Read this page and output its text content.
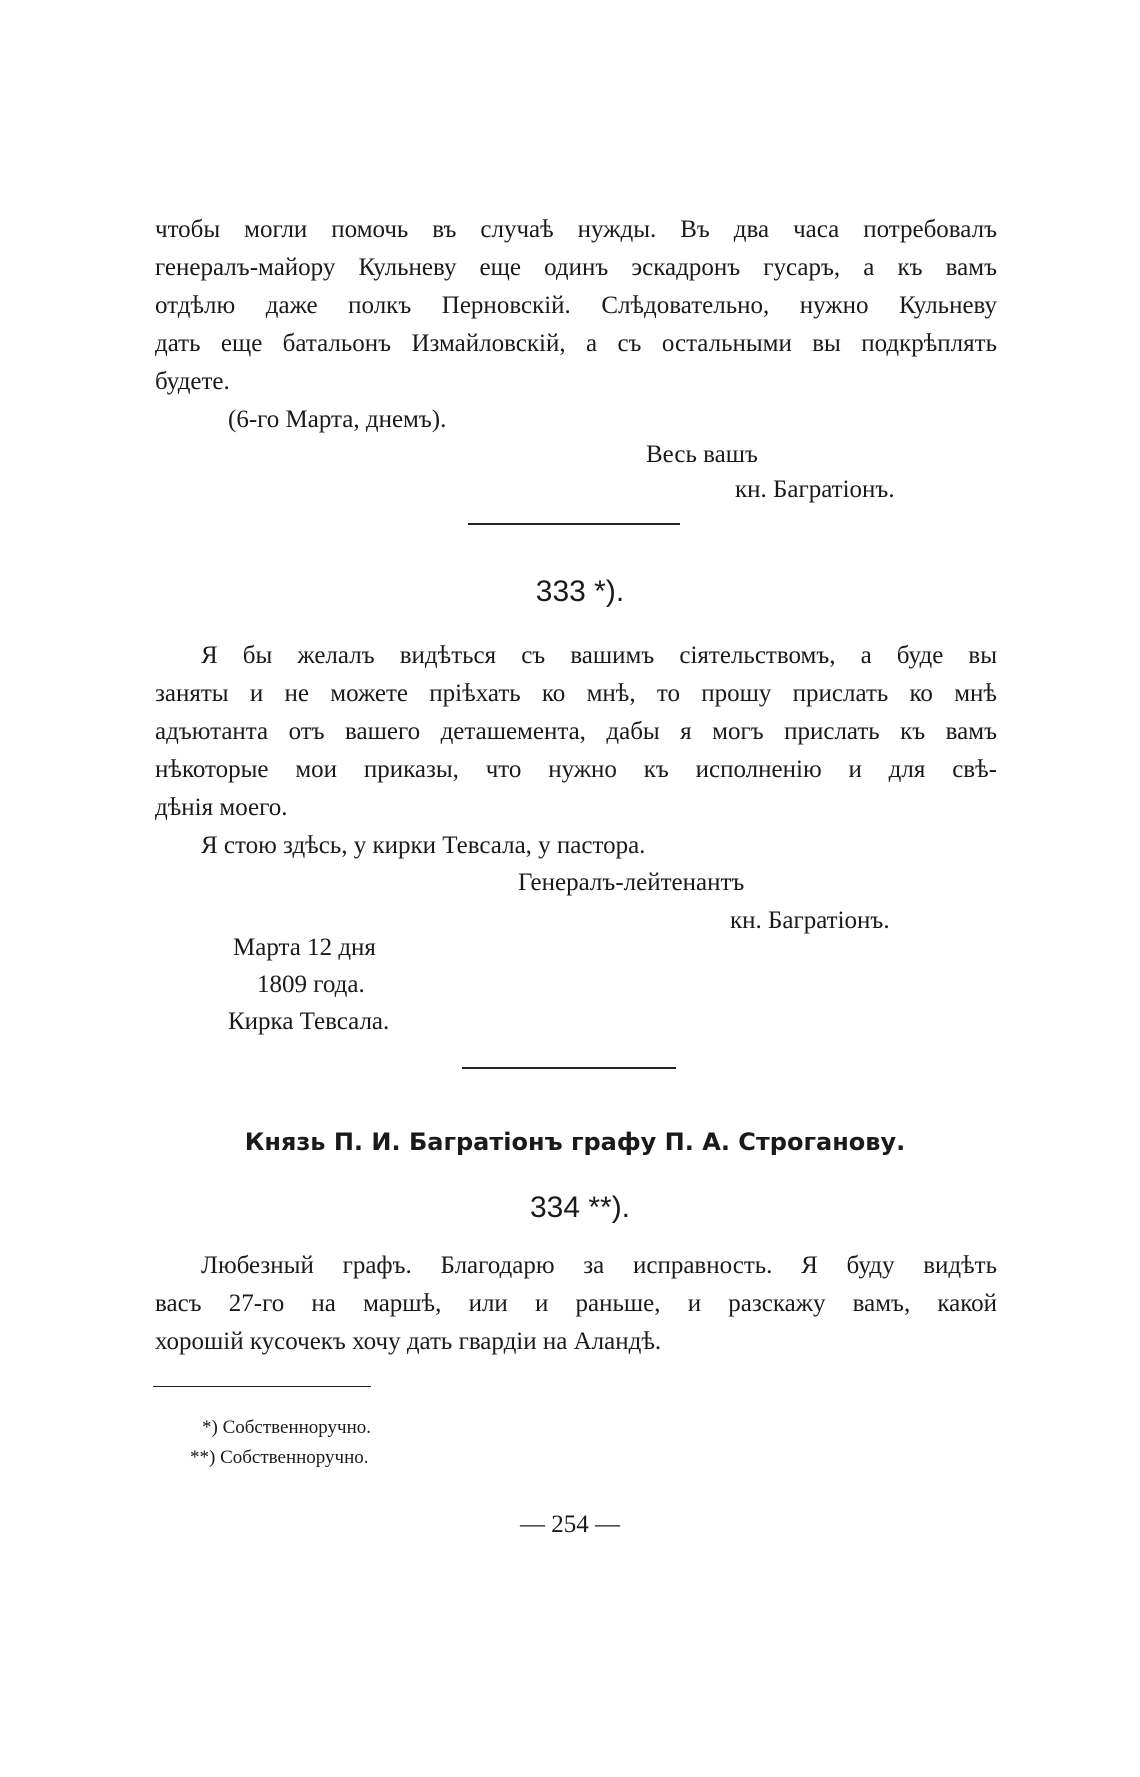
чтобы могли помочь въ случаѣ нужды. Въ два часа потребовалъ
генералъ-майору Кульневу еще одинъ эскадронъ гусаръ, а къ вамъ
отдѣлю даже полкъ Перновскій. Слѣдовательно, нужно Кульневу
дать еще батальонъ Измайловскій, а съ остальными вы подкрѣплять
будете.
(6-го Марта, днемъ).
Весь вашъ
кн. Багратіонъ.
333 *).
Я бы желалъ видѣться съ вашимъ сіятельствомъ, а буде вы
заняты и не можете пріѣхать ко мнѣ, то прошу прислать ко мнѣ
адъютанта отъ вашего деташемента, дабы я могъ прислать къ вамъ
нѣкоторые мои приказы, что нужно къ исполненію и для свѣ-
дѣнія моего.
Я стою здѣсь, у кирки Тевсала, у пастора.
Генералъ-лейтенантъ
кн. Багратіонъ.
Марта 12 дня
1809 года.
Кирка Тевсала.
Князь П. И. Багратіонъ графу П. А. Строганову.
334 **).
Любезный графъ. Благодарю за исправность. Я буду видѣть
васъ 27-го на маршѣ, или и раньше, и разскажу вамъ, какой
хорошій кусочекъ хочу дать гвардіи на Аландѣ.
*) Собственноручно.
**) Собственноручно.
— 254 —
